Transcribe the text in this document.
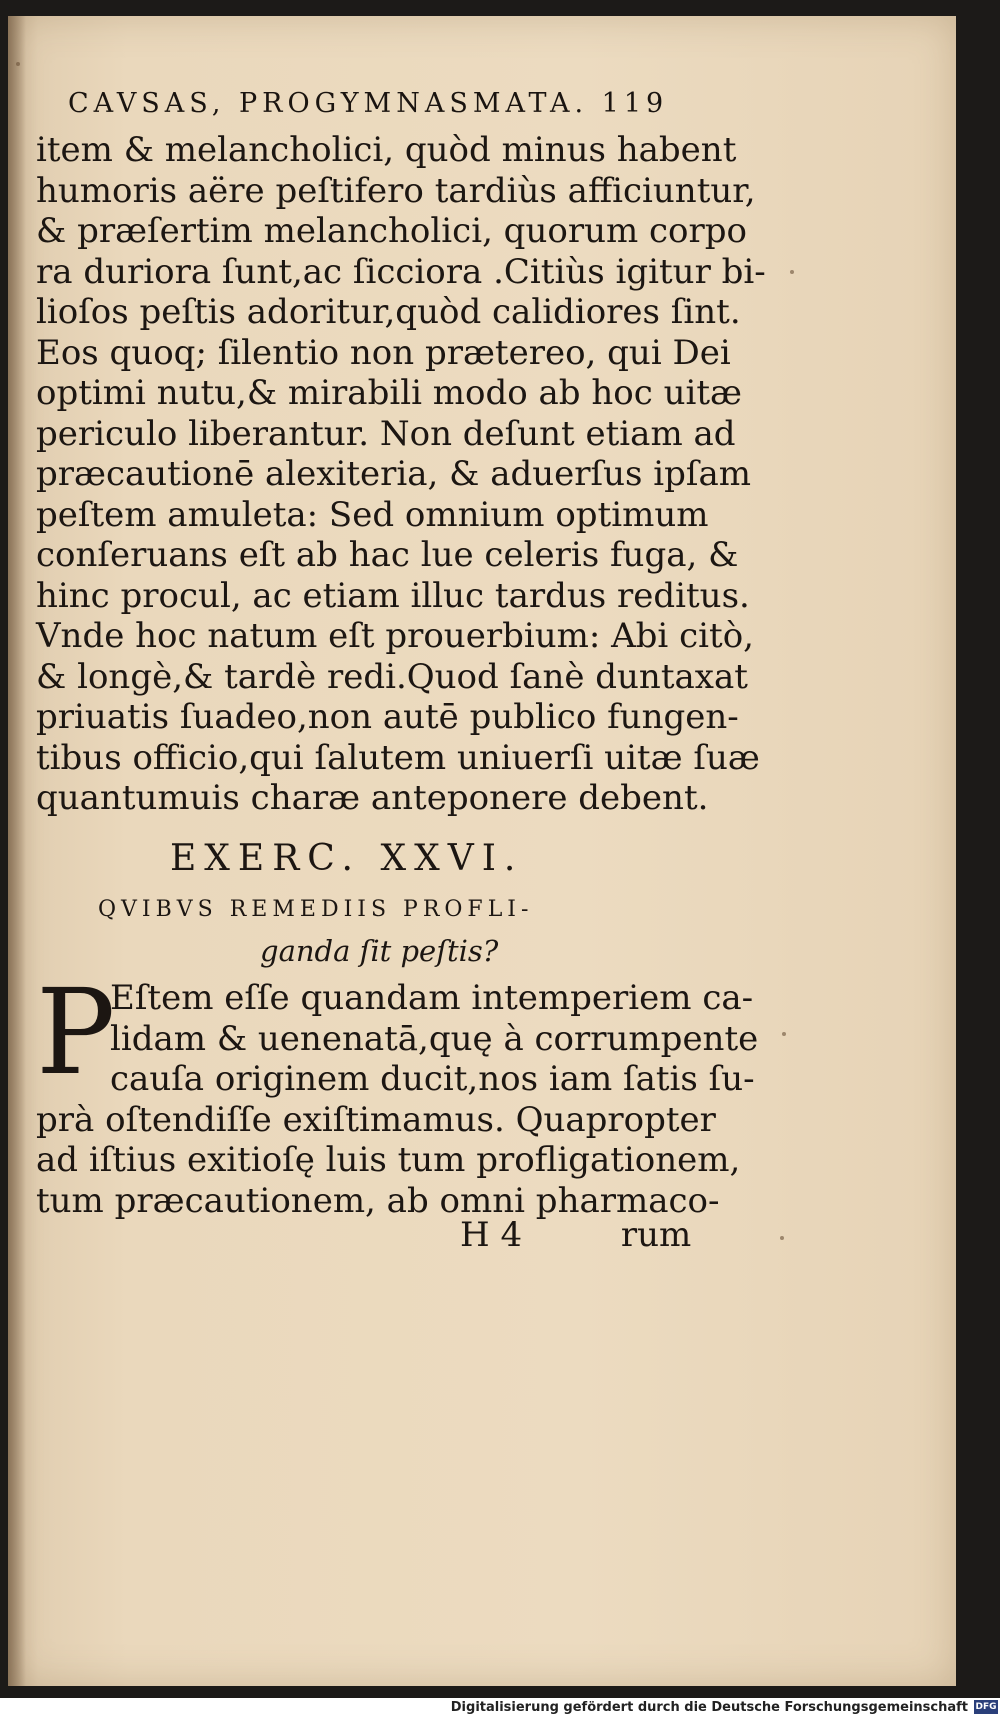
CAVSAS, PROGYMNASMATA. 119
item & melancholici, quòd minus habent
humoris aëre peſtifero tardiùs afficiuntur,
& præſertim melancholici, quorum corpo
ra duriora ſunt,ac ſicciora .Citiùs igitur bi-
lioſos peſtis adoritur,quòd calidiores ſint.
Eos quoq; ſilentio non prætereo, qui Dei
optimi nutu,& mirabili modo ab hoc uitæ
periculo liberantur. Non deſunt etiam ad
præcautionē alexiteria, & aduerſus ipſam
peſtem amuleta: Sed omnium optimum
conſeruans eſt ab hac lue celeris fuga, &
hinc procul, ac etiam illuc tardus reditus.
Vnde hoc natum eſt prouerbium: Abi citò,
& longè,& tardè redi.Quod ſanè duntaxat
priuatis ſuadeo,non autē publico fungen-
tibus officio,qui ſalutem uniuerſi uitæ ſuæ
quantumuis charæ anteponere debent.
EXERC. XXVI.
QVIBVS REMEDIIS PROFLI-
ganda ſit peſtis?
P
Eſtem eſſe quandam intemperiem ca-
lidam & uenenatā,quę à corrumpente
cauſa originem ducit,nos iam ſatis ſu-
prà oſtendiſſe exiſtimamus. Quapropter
ad iſtius exitioſę luis tum profligationem,
tum præcautionem, ab omni pharmaco-
H 4	rum
Digitalisierung gefördert durch die Deutsche Forschungsgemeinschaft DFG
